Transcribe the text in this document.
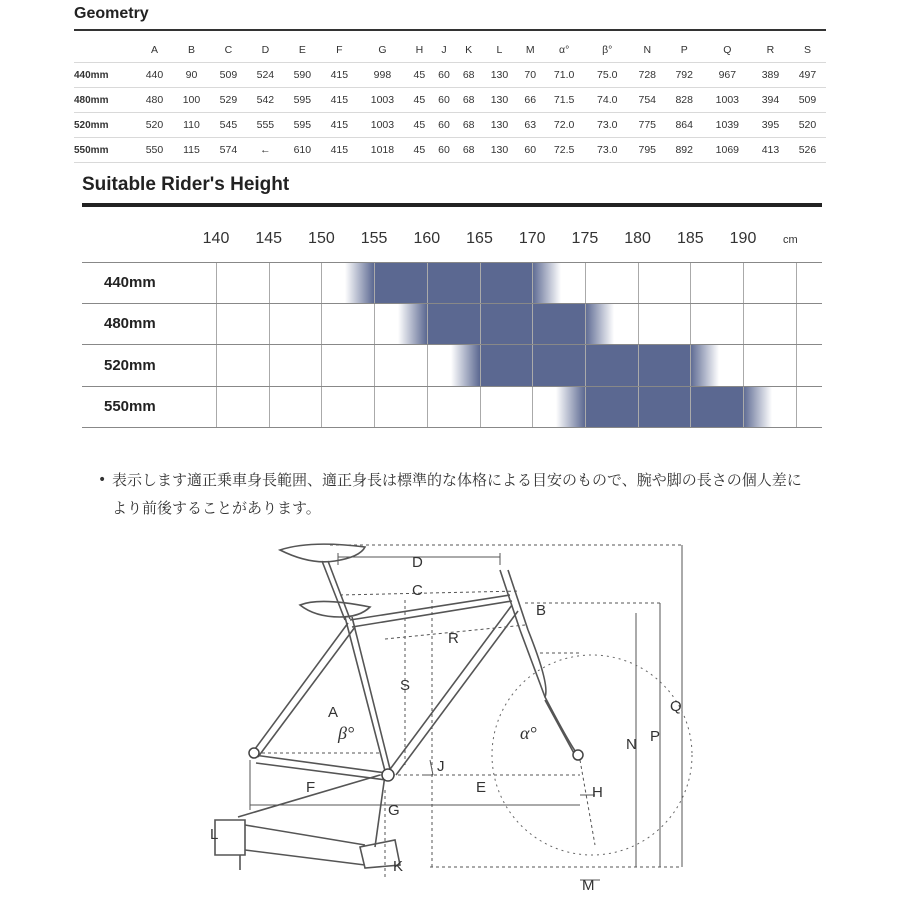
Geometry
	A	B	C	D	E	F	G	H	J	K	L	M	α°	β°	N	P	Q	R	S
440mm	440	90	509	524	590	415	998	45	60	68	130	70	71.0	75.0	728	792	967	389	497
480mm	480	100	529	542	595	415	1003	45	60	68	130	66	71.5	74.0	754	828	1003	394	509
520mm	520	110	545	555	595	415	1003	45	60	68	130	63	72.0	73.0	775	864	1039	395	520
550mm	550	115	574	←	610	415	1018	45	60	68	130	60	72.5	73.0	795	892	1069	413	526
Suitable Rider's Height
cm
140 145 150 155 160 165 170 175 180 185 190
440mm
480mm
520mm
550mm
• 表示します適正乗車身長範囲、適正身長は標準的な体格による目安のもので、腕や脚の長さの個人差により前後することがあります。
D
C
B
R
S
A
β°	α°
J
F	E	H
G
L
K
N P
Q
M
